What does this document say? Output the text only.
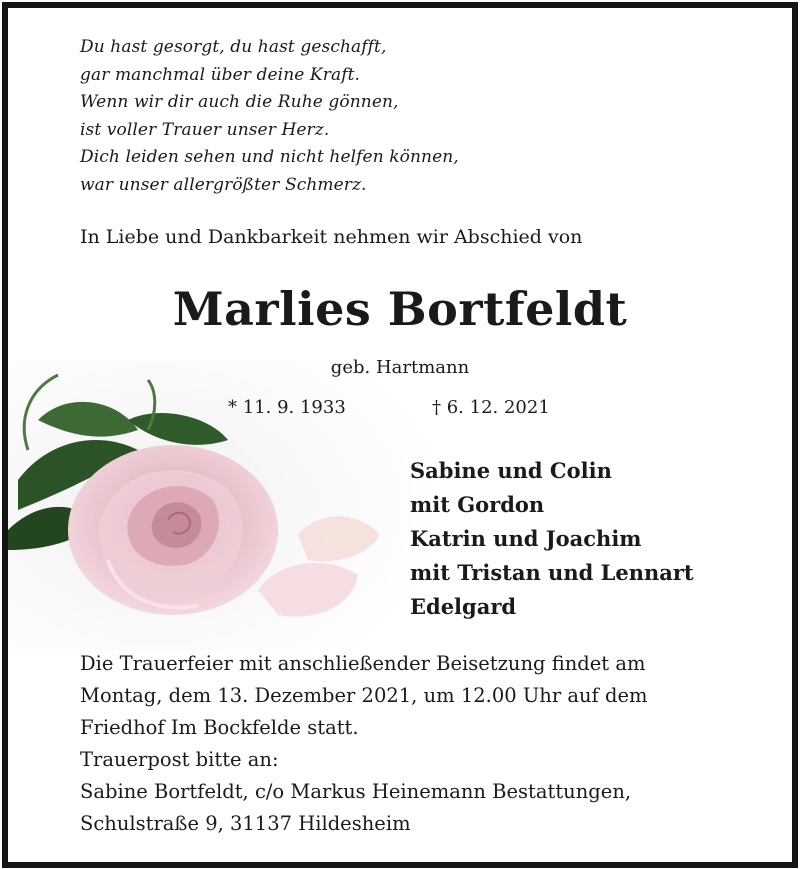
Du hast gesorgt, du hast geschafft,
gar manchmal über deine Kraft.
Wenn wir dir auch die Ruhe gönnen,
ist voller Trauer unser Herz.
Dich leiden sehen und nicht helfen können,
war unser allergrößter Schmerz.
In Liebe und Dankbarkeit nehmen wir Abschied von
Marlies Bortfeldt
geb. Hartmann
* 11. 9. 1933	† 6. 12. 2021
Sabine und Colin
mit Gordon
Katrin und Joachim
mit Tristan und Lennart
Edelgard
Die Trauerfeier mit anschließender Beisetzung findet am
Montag, dem 13. Dezember 2021, um 12.00 Uhr auf dem
Friedhof Im Bockfelde statt.
Trauerpost bitte an:
Sabine Bortfeldt, c/o Markus Heinemann Bestattungen,
Schulstraße 9, 31137 Hildesheim
